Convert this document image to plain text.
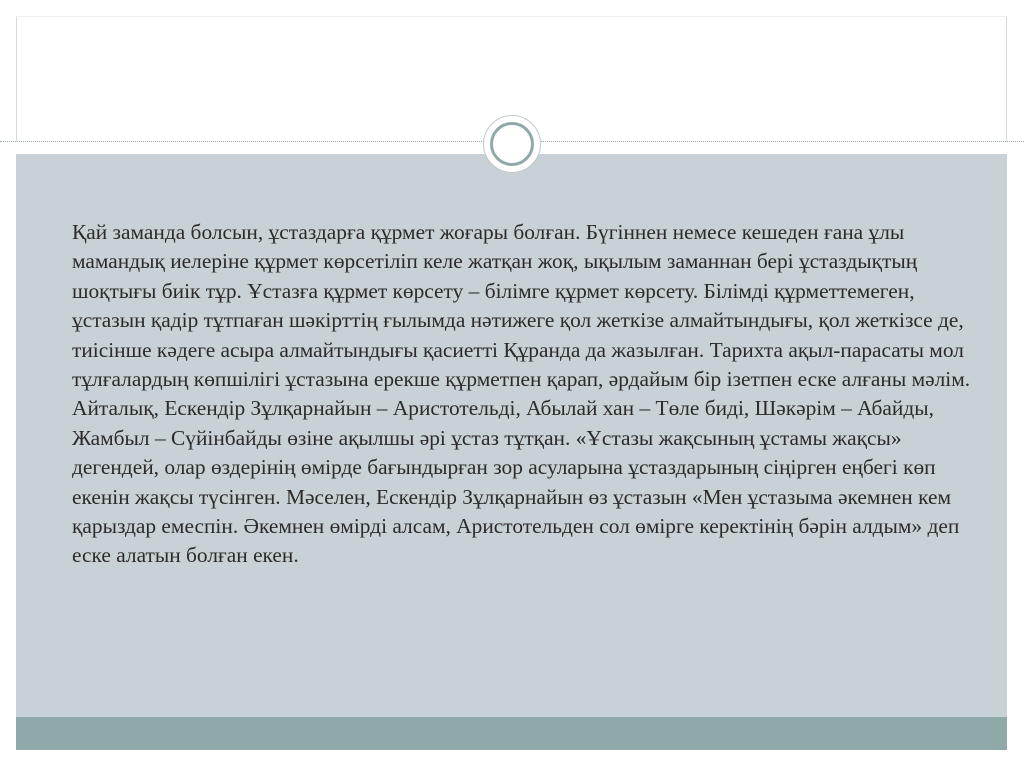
Қай заманда болсын, ұстаздарға құрмет жоғары болған. Бүгіннен немесе кешеден ғана ұлы мамандық иелеріне құрмет көрсетіліп келе жатқан жоқ, ықылым заманнан бері ұстаздықтың шоқтығы биік тұр. Ұстазға құрмет көрсету – білімге құрмет көрсету. Білімді құрметтемеген, ұстазын қадір тұтпаған шәкірттің ғылымда нәтижеге қол жеткізе алмайтындығы, қол жеткізсе де, тиісінше кәдеге асыра алмайтындығы қасиетті Құранда да жазылған. Тарихта ақыл-парасаты мол тұлғалардың көпшілігі ұстазына ерекше құрметпен қарап, әрдайым бір ізетпен еске алғаны мәлім. Айталық, Ескендір Зұлқарнайын – Аристотельді, Абылай хан – Төле биді, Шәкәрім – Абайды, Жамбыл – Сүйінбайды өзіне ақылшы әрі ұстаз тұтқан. «Ұстазы жақсының ұстамы жақсы» дегендей, олар өздерінің өмірде бағындырған зор асуларына ұстаздарының сіңірген еңбегі көп екенін жақсы түсінген. Мәселен, Ескендір Зұлқарнайын өз ұстазын «Мен ұстазыма әкемнен кем қарыздар емеспін. Әкемнен өмірді алсам, Аристотельден сол өмірге керектінің бәрін алдым» деп еске алатын болған екен.
